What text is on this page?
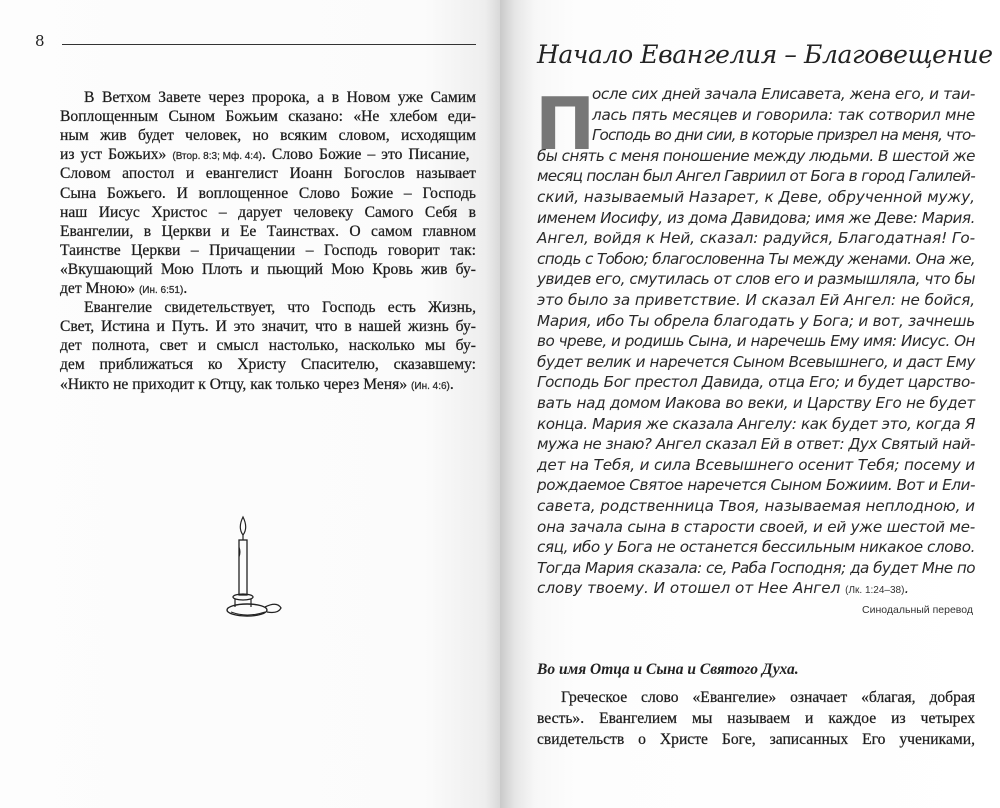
8
В Ветхом Завете через пророка, а в Новом уже Самим
Воплощенным Сыном Божьим сказано: «Не хлебом еди-
ным жив будет человек, но всяким словом, исходящим
из уст Божьих» (Втор. 8:3; Мф. 4:4). Слово Божие – это Писание,
Словом апостол и евангелист Иоанн Богослов называет
Сына Божьего. И воплощенное Слово Божие – Господь
наш Иисус Христос – дарует человеку Самого Себя в
Евангелии, в Церкви и Ее Таинствах. О самом главном
Таинстве Церкви – Причащении – Господь говорит так:
«Вкушающий Мою Плоть и пьющий Мою Кровь жив бу-
дет Мною» (Ин. 6:51).
Евангелие свидетельствует, что Господь есть Жизнь,
Свет, Истина и Путь. И это значит, что в нашей жизнь бу-
дет полнота, свет и смысл настолько, насколько мы бу-
дем приближаться ко Христу Спасителю, сказавшему:
«Никто не приходит к Отцу, как только через Меня» (Ин. 4:6).
Начало Евангелия – Благовещение
П
осле сих дней зачала Елисавета, жена его, и таи-
лась пять месяцев и говорила: так сотворил мне
Господь во дни сии, в которые призрел на меня, что-
бы снять с меня поношение между людьми. В шестой же
месяц послан был Ангел Гавриил от Бога в город Галилей-
ский, называемый Назарет, к Деве, обрученной мужу,
именем Иосифу, из дома Давидова; имя же Деве: Мария.
Ангел, войдя к Ней, сказал: радуйся, Благодатная! Го-
сподь с Тобою; благословенна Ты между женами. Она же,
увидев его, смутилась от слов его и размышляла, что бы
это было за приветствие. И сказал Ей Ангел: не бойся,
Мария, ибо Ты обрела благодать у Бога; и вот, зачнешь
во чреве, и родишь Сына, и наречешь Ему имя: Иисус. Он
будет велик и наречется Сыном Всевышнего, и даст Ему
Господь Бог престол Давида, отца Его; и будет царство-
вать над домом Иакова во веки, и Царству Его не будет
конца. Мария же сказала Ангелу: как будет это, когда Я
мужа не знаю? Ангел сказал Ей в ответ: Дух Святый най-
дет на Тебя, и сила Всевышнего осенит Тебя; посему и
рождаемое Святое наречется Сыном Божиим. Вот и Ели-
савета, родственница Твоя, называемая неплодною, и
она зачала сына в старости своей, и ей уже шестой ме-
сяц, ибо у Бога не останется бессильным никакое слово.
Тогда Мария сказала: се, Раба Господня; да будет Мне по
слову твоему. И отошел от Нее Ангел (Лк. 1:24–38).
Синодальный перевод
Во имя Отца и Сына и Святого Духа.
Греческое слово «Евангелие» означает «благая, добрая
весть». Евангелием мы называем и каждое из четырех
свидетельств о Христе Боге, записанных Его учениками,
